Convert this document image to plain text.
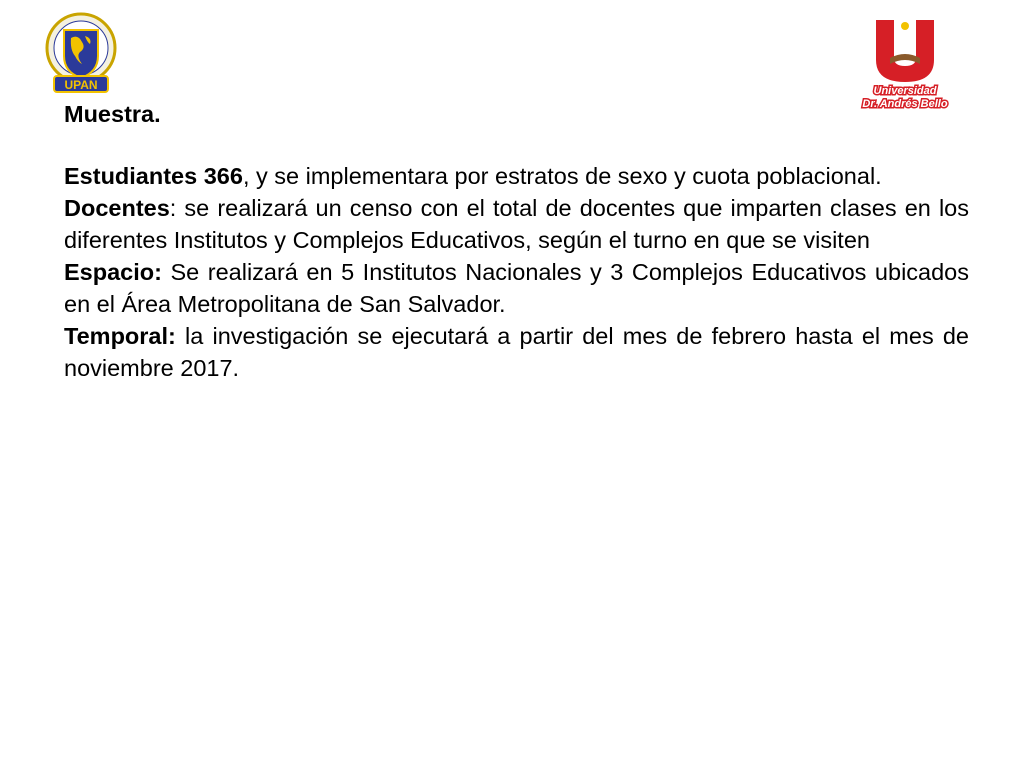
UPAN	Universidad
Dr. Andrés Bello
Muestra.

Estudiantes 366, y se implementara por estratos de sexo y cuota poblacional.

Docentes: se realizará un censo con el total de docentes que imparten clases en los diferentes Institutos y Complejos Educativos, según el turno en que se visiten

Espacio: Se realizará en 5 Institutos Nacionales y 3 Complejos Educativos ubicados en el Área Metropolitana de San Salvador.

Temporal: la investigación se ejecutará a partir del mes de febrero hasta el mes de noviembre 2017.
